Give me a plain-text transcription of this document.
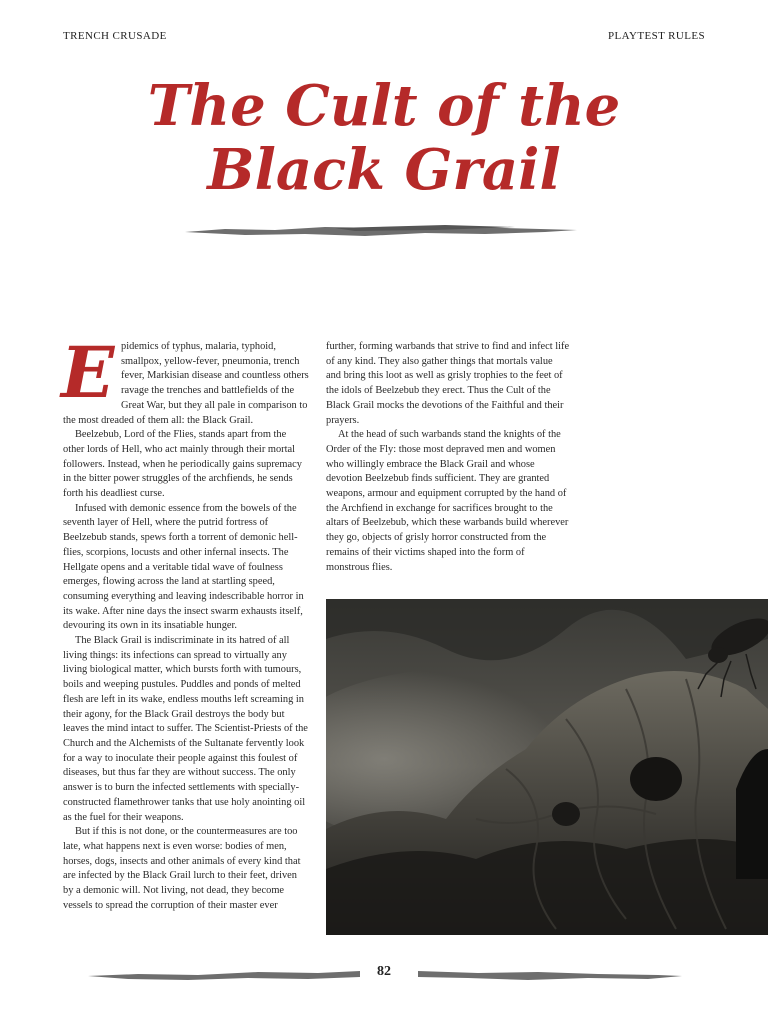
TRENCH CRUSADE	PLAYTEST RULES
The Cult of the
Black Grail

Epidemics of typhus, malaria, typhoid, smallpox, yellow-fever, pneumonia, trench fever, Markisian disease and countless others ravage the trenches and battlefields of the Great War, but they all pale in comparison to the most dreaded of them all: the Black Grail.

Beelzebub, Lord of the Flies, stands apart from the other lords of Hell, who act mainly through their mortal followers. Instead, when he periodically gains supremacy in the bitter power struggles of the archfiends, he sends forth his deadliest curse.

Infused with demonic essence from the bowels of the seventh layer of Hell, where the putrid fortress of Beelzebub stands, spews forth a torrent of demonic hell-flies, scorpions, locusts and other infernal insects. The Hellgate opens and a veritable tidal wave of foulness emerges, flowing across the land at startling speed, consuming everything and leaving indescribable horror in its wake. After nine days the insect swarm exhausts itself, devouring its own in its insatiable hunger.

The Black Grail is indiscriminate in its hatred of all living things: its infections can spread to virtually any living biological matter, which bursts forth with tumours, boils and weeping pustules. Puddles and ponds of melted flesh are left in its wake, endless mouths left screaming in their agony, for the Black Grail destroys the body but leaves the mind intact to suffer. The Scientist-Priests of the Church and the Alchemists of the Sultanate fervently look for a way to inoculate their people against this foulest of diseases, but thus far they are without success. The only answer is to burn the infected settlements with specially-constructed flamethrower tanks that use holy anointing oil as the fuel for their weapons.

But if this is not done, or the countermeasures are too late, what happens next is even worse: bodies of men, horses, dogs, insects and other animals of every kind that are infected by the Black Grail lurch to their feet, driven by a demonic will. Not living, not dead, they become vessels to spread the corruption of their master ever

further, forming warbands that strive to find and infect life of any kind. They also gather things that mortals value and bring this loot as well as grisly trophies to the feet of the idols of Beelzebub they erect. Thus the Cult of the Black Grail mocks the devotions of the Faithful and their prayers.

At the head of such warbands stand the knights of the Order of the Fly: those most depraved men and women who willingly embrace the Black Grail and whose devotion Beelzebub finds sufficient. They are granted weapons, armour and equipment corrupted by the hand of the Archfiend in exchange for sacrifices brought to the altars of Beelzebub, which these warbands build wherever they go, objects of grisly horror constructed from the remains of their victims shaped into the form of monstrous flies.

82
